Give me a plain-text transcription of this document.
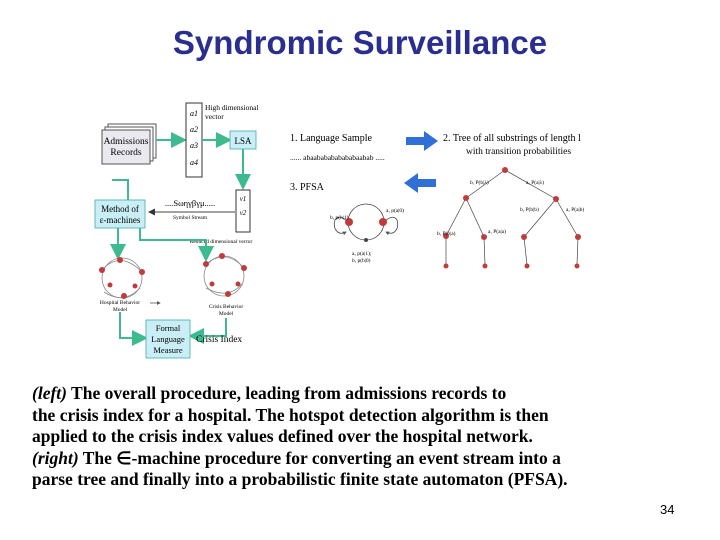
Syndromic Surveillance
Admissions
Records
a1
a2
a3
a4
High dimensional
vector
LSA
v1
v2
Reduced dimensional vector
....Sωηγβγμ.....
Symbol Stream
Method of
ε-machines
Hospital Behavior
Model	Crisis Behavior
Model
Formal
Language
Measure
Crisis Index
1. Language Sample
...... abaababababababaabab .....
2. Tree of all substrings of length l
with transition probabilities
3. PFSA
b, p(b|1)
a, p(a|0)
a, p(a|1);
b, p(b|0)
b, P(b|λ)	a, P(a|λ)
b, P(b|a)	a, P(a|a)
b, P(b|b)	a, P(a|b)
(left) The overall procedure, leading from admissions records to
the crisis index for a hospital. The hotspot detection algorithm is then
applied to the crisis index values defined over the hospital network.
(right) The ∈-machine procedure for converting an event stream into a
parse tree and finally into a probabilistic finite state automaton (PFSA).
34
